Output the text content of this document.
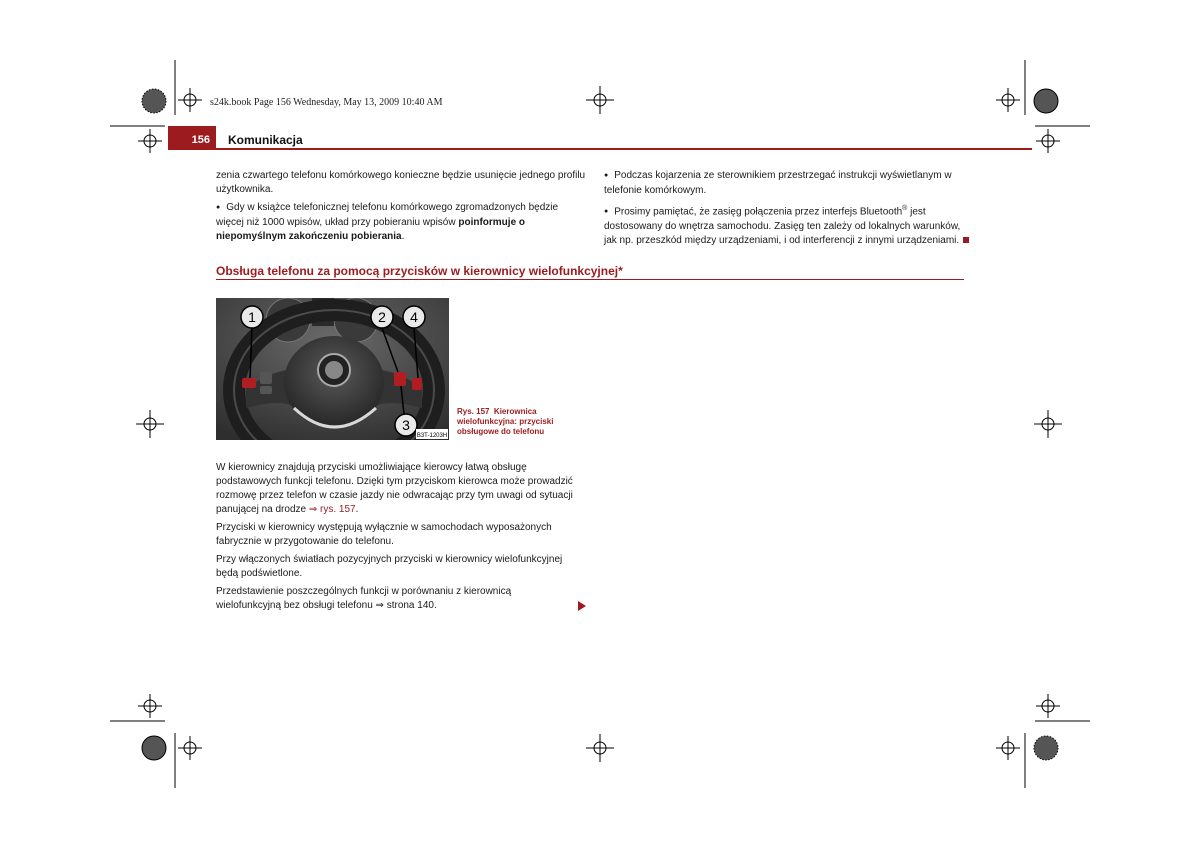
s24k.book Page 156 Wednesday, May 13, 2009 10:40 AM
156	Komunikacja

zenia czwartego telefonu komórkowego konieczne będzie usunięcie jednego profilu użytkownika.

● Gdy w książce telefonicznej telefonu komórkowego zgromadzonych będzie więcej niż 1000 wpisów, układ przy pobieraniu wpisów poinformuje o niepomyślnym zakończeniu pobierania.

● Podczas kojarzenia ze sterownikiem przestrzegać instrukcji wyświetlanym w telefonie komórkowym.

● Prosimy pamiętać, że zasięg połączenia przez interfejs Bluetooth® jest dostosowany do wnętrza samochodu. Zasięg ten zależy od lokalnych warunków, jak np. przeszkód między urządzeniami, i od interferencji z innymi urządzeniami.

Obsługa telefonu za pomocą przycisków w kierownicy wielofunkcyjnej*
1	2
3
4
B3T-1203H
Rys. 157 Kierownica wielofunkcyjna: przyciski obsługowe do telefonu

W kierownicy znajdują przyciski umożliwiające kierowcy łatwą obsługę podstawowych funkcji telefonu. Dzięki tym przyciskom kierowca może prowadzić rozmowę przez telefon w czasie jazdy nie odwracając przy tym uwagi od sytuacji panującej na drodze ⇒ rys. 157.

Przyciski w kierownicy występują wyłącznie w samochodach wyposażonych fabrycznie w przygotowanie do telefonu.

Przy włączonych światłach pozycyjnych przyciski w kierownicy wielofunkcyjnej będą podświetlone.

Przedstawienie poszczególnych funkcji w porównaniu z kierownicą wielofunkcyjną bez obsługi telefonu ⇒ strona 140.
